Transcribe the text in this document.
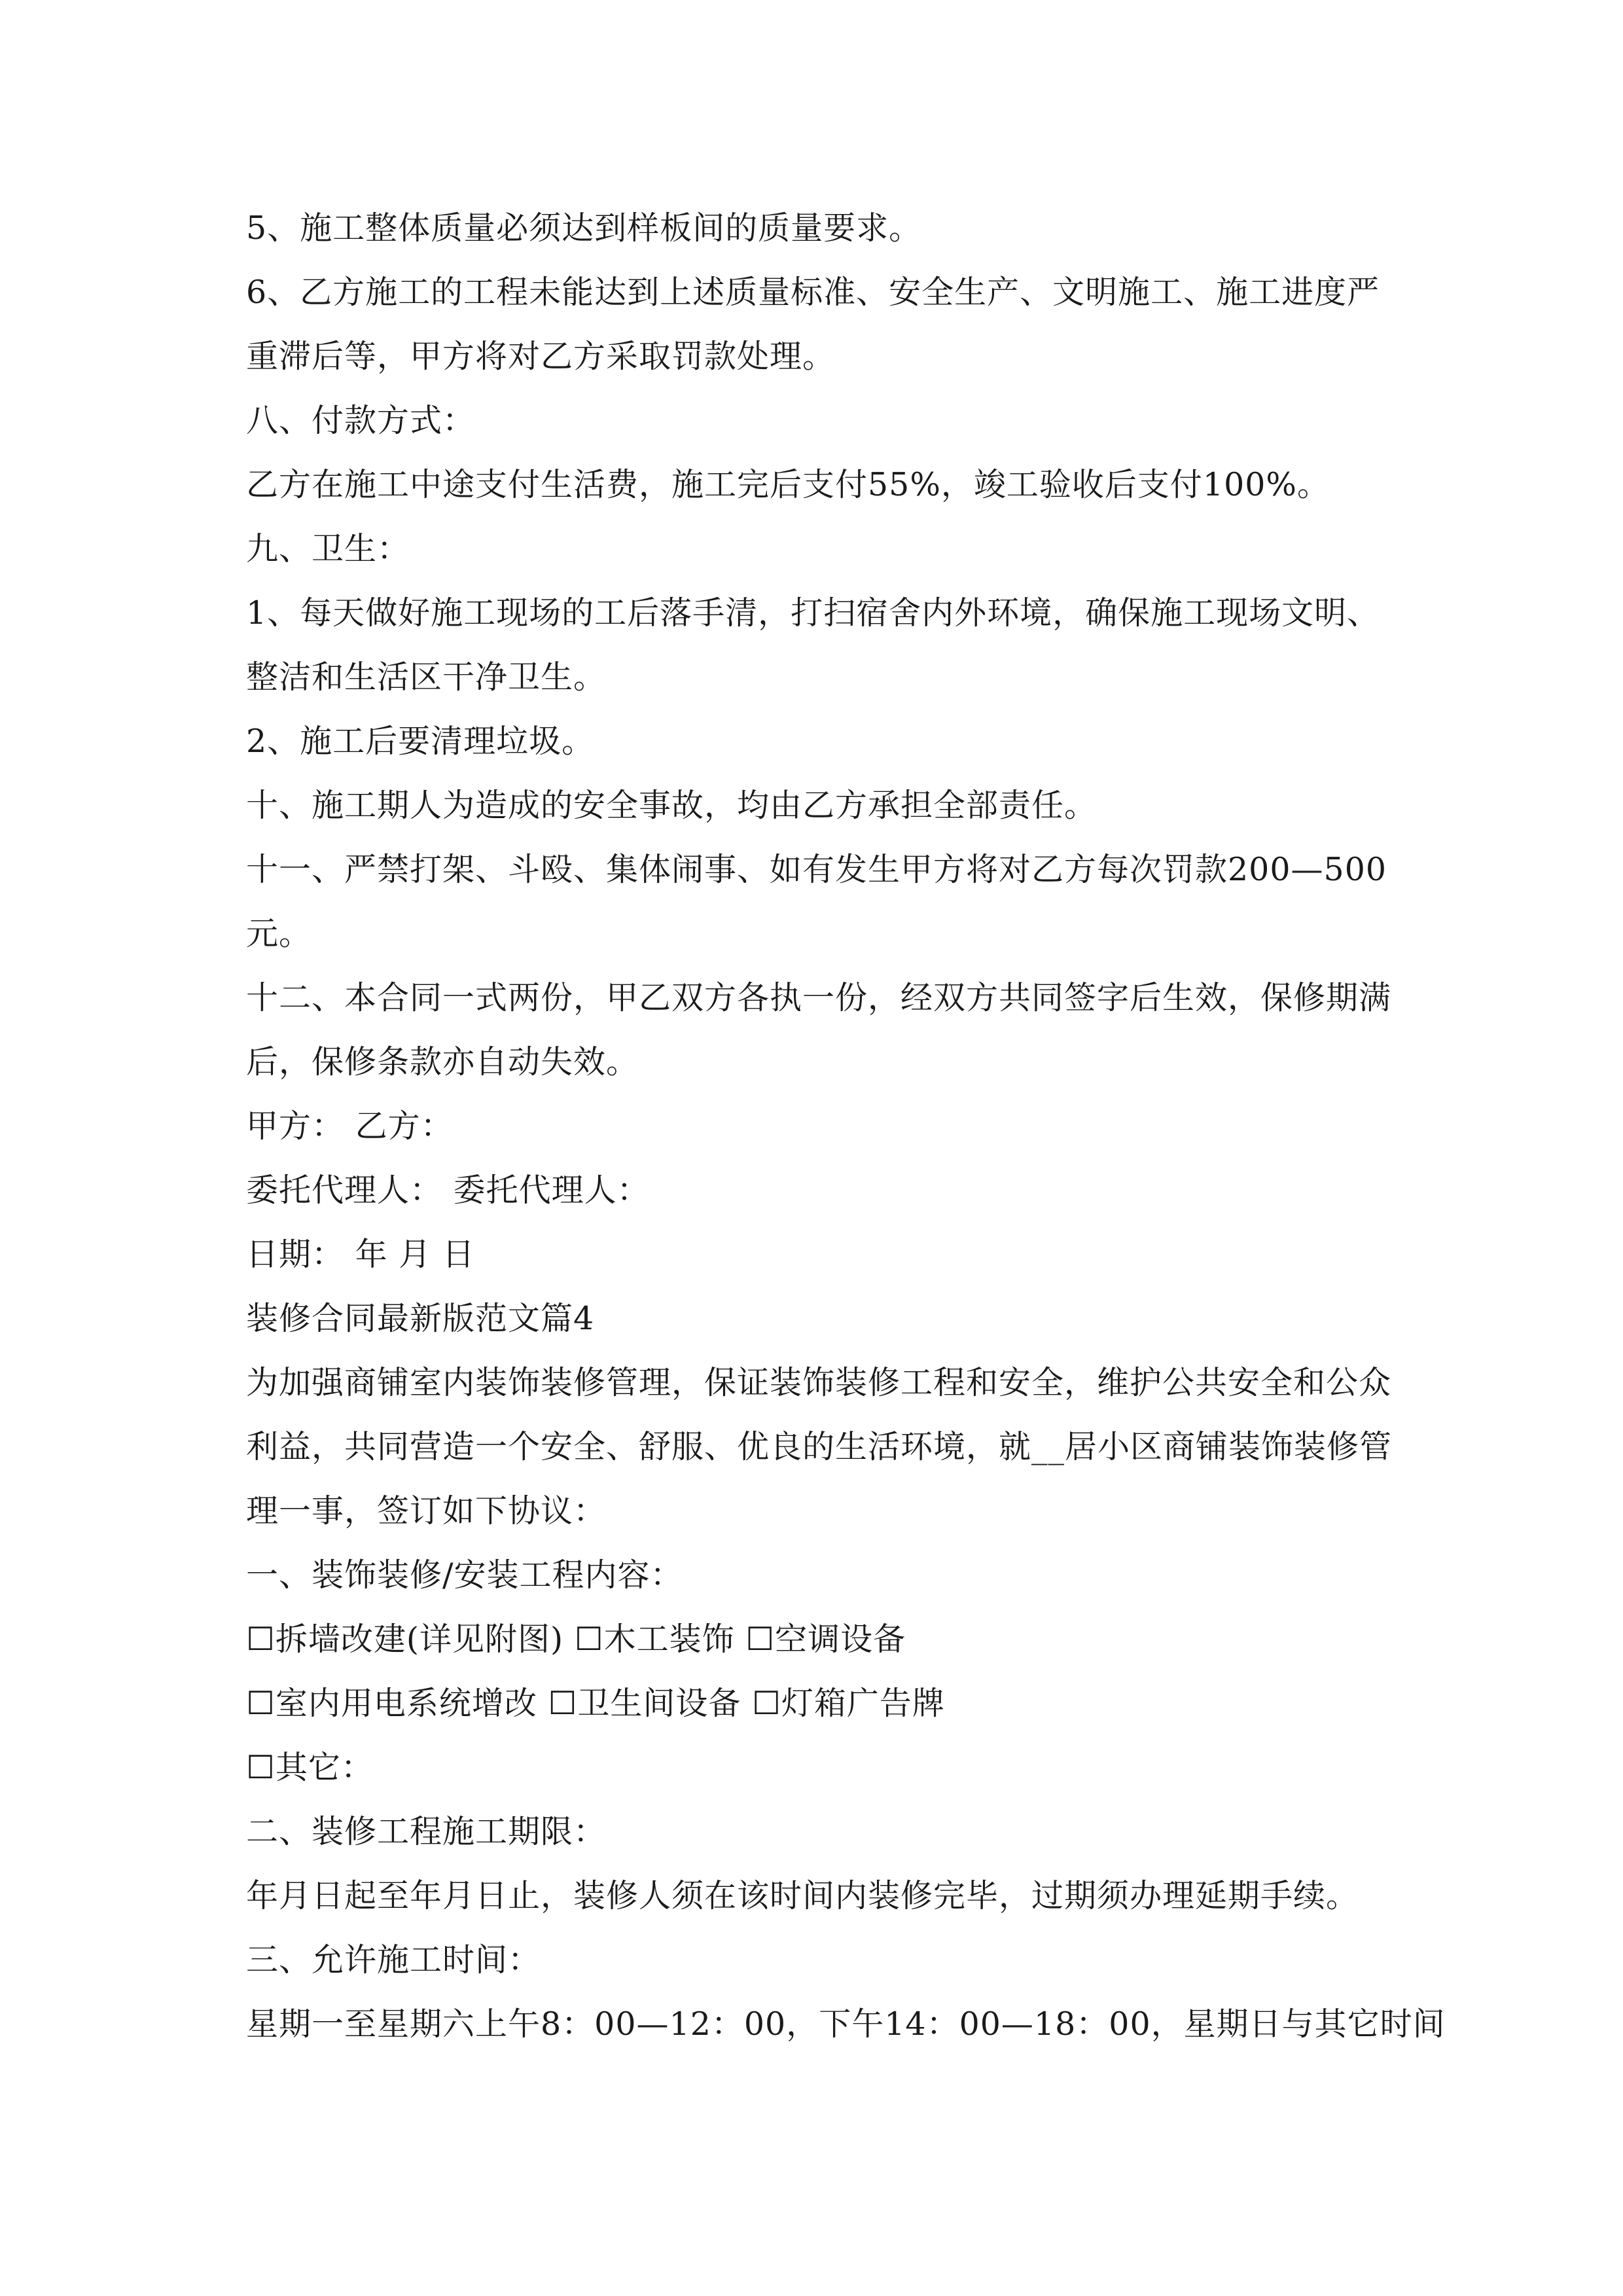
5、施工整体质量必须达到样板间的质量要求。
6、乙方施工的工程未能达到上述质量标准、安全生产、文明施工、施工进度严
重滞后等，甲方将对乙方采取罚款处理。
八、付款方式：
乙方在施工中途支付生活费，施工完后支付55%，竣工验收后支付100%。
九、卫生：
1、每天做好施工现场的工后落手清，打扫宿舍内外环境，确保施工现场文明、
整洁和生活区干净卫生。
2、施工后要清理垃圾。
十、施工期人为造成的安全事故，均由乙方承担全部责任。
十一、严禁打架、斗殴、集体闹事、如有发生甲方将对乙方每次罚款200—500
元。
十二、本合同一式两份，甲乙双方各执一份，经双方共同签字后生效，保修期满
后，保修条款亦自动失效。
甲方： 乙方：
委托代理人： 委托代理人：
日期： 年 月 日
装修合同最新版范文篇4
为加强商铺室内装饰装修管理，保证装饰装修工程和安全，维护公共安全和公众
利益，共同营造一个安全、舒服、优良的生活环境，就__居小区商铺装饰装修管
理一事，签订如下协议：
一、装饰装修/安装工程内容：
☐拆墙改建(详见附图) ☐木工装饰 ☐空调设备
☐室内用电系统增改 ☐卫生间设备 ☐灯箱广告牌
☐其它：
二、装修工程施工期限：
年月日起至年月日止，装修人须在该时间内装修完毕，过期须办理延期手续。
三、允许施工时间：
星期一至星期六上午8：00—12：00，下午14：00—18：00，星期日与其它时间
